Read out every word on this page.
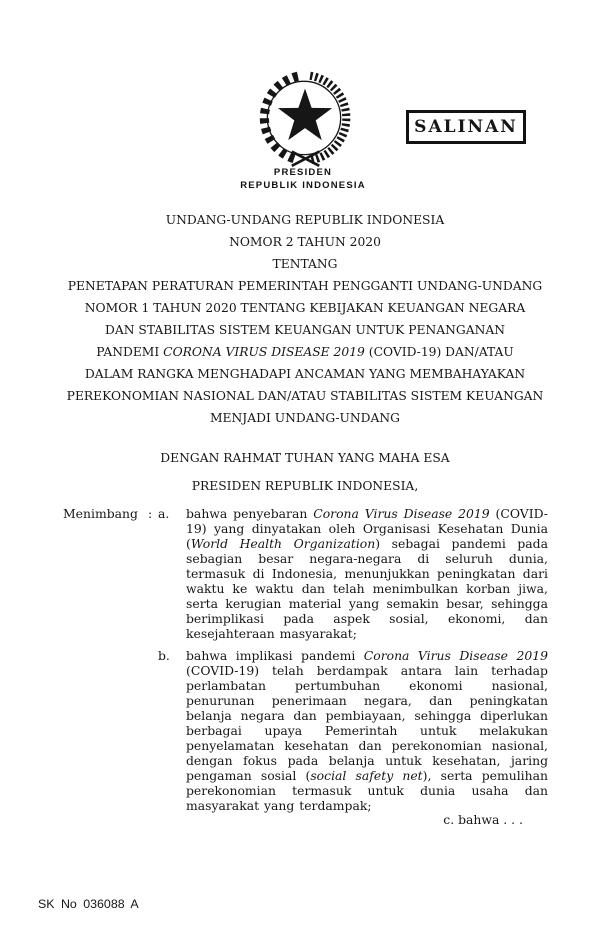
SALINAN
PRESIDEN
REPUBLIK INDONESIA
UNDANG-UNDANG REPUBLIK INDONESIA
NOMOR 2 TAHUN 2020
TENTANG
PENETAPAN PERATURAN PEMERINTAH PENGGANTI UNDANG-UNDANG
NOMOR 1 TAHUN 2020 TENTANG KEBIJAKAN KEUANGAN NEGARA
DAN STABILITAS SISTEM KEUANGAN UNTUK PENANGANAN
PANDEMI CORONA VIRUS DISEASE 2019 (COVID-19) DAN/ATAU
DALAM RANGKA MENGHADAPI ANCAMAN YANG MEMBAHAYAKAN
PEREKONOMIAN NASIONAL DAN/ATAU STABILITAS SISTEM KEUANGAN
MENJADI UNDANG-UNDANG
DENGAN RAHMAT TUHAN YANG MAHA ESA
PRESIDEN REPUBLIK INDONESIA,
Menimbang : a.	bahwa penyebaran Corona Virus Disease 2019 (COVID-19) yang dinyatakan oleh Organisasi Kesehatan Dunia (World Health Organization) sebagai pandemi pada sebagian besar negara-negara di seluruh dunia, termasuk di Indonesia, menunjukkan peningkatan dari waktu ke waktu dan telah menimbulkan korban jiwa, serta kerugian material yang semakin besar, sehingga berimplikasi pada aspek sosial, ekonomi, dan kesejahteraan masyarakat;

b.	bahwa implikasi pandemi Corona Virus Disease 2019 (COVID-19) telah berdampak antara lain terhadap perlambatan pertumbuhan ekonomi nasional, penurunan penerimaan negara, dan peningkatan belanja negara dan pembiayaan, sehingga diperlukan berbagai upaya Pemerintah untuk melakukan penyelamatan kesehatan dan perekonomian nasional, dengan fokus pada belanja untuk kesehatan, jaring pengaman sosial (social safety net), serta pemulihan perekonomian termasuk untuk dunia usaha dan masyarakat yang terdampak;

c. bahwa . . .
SK No 036088 A
